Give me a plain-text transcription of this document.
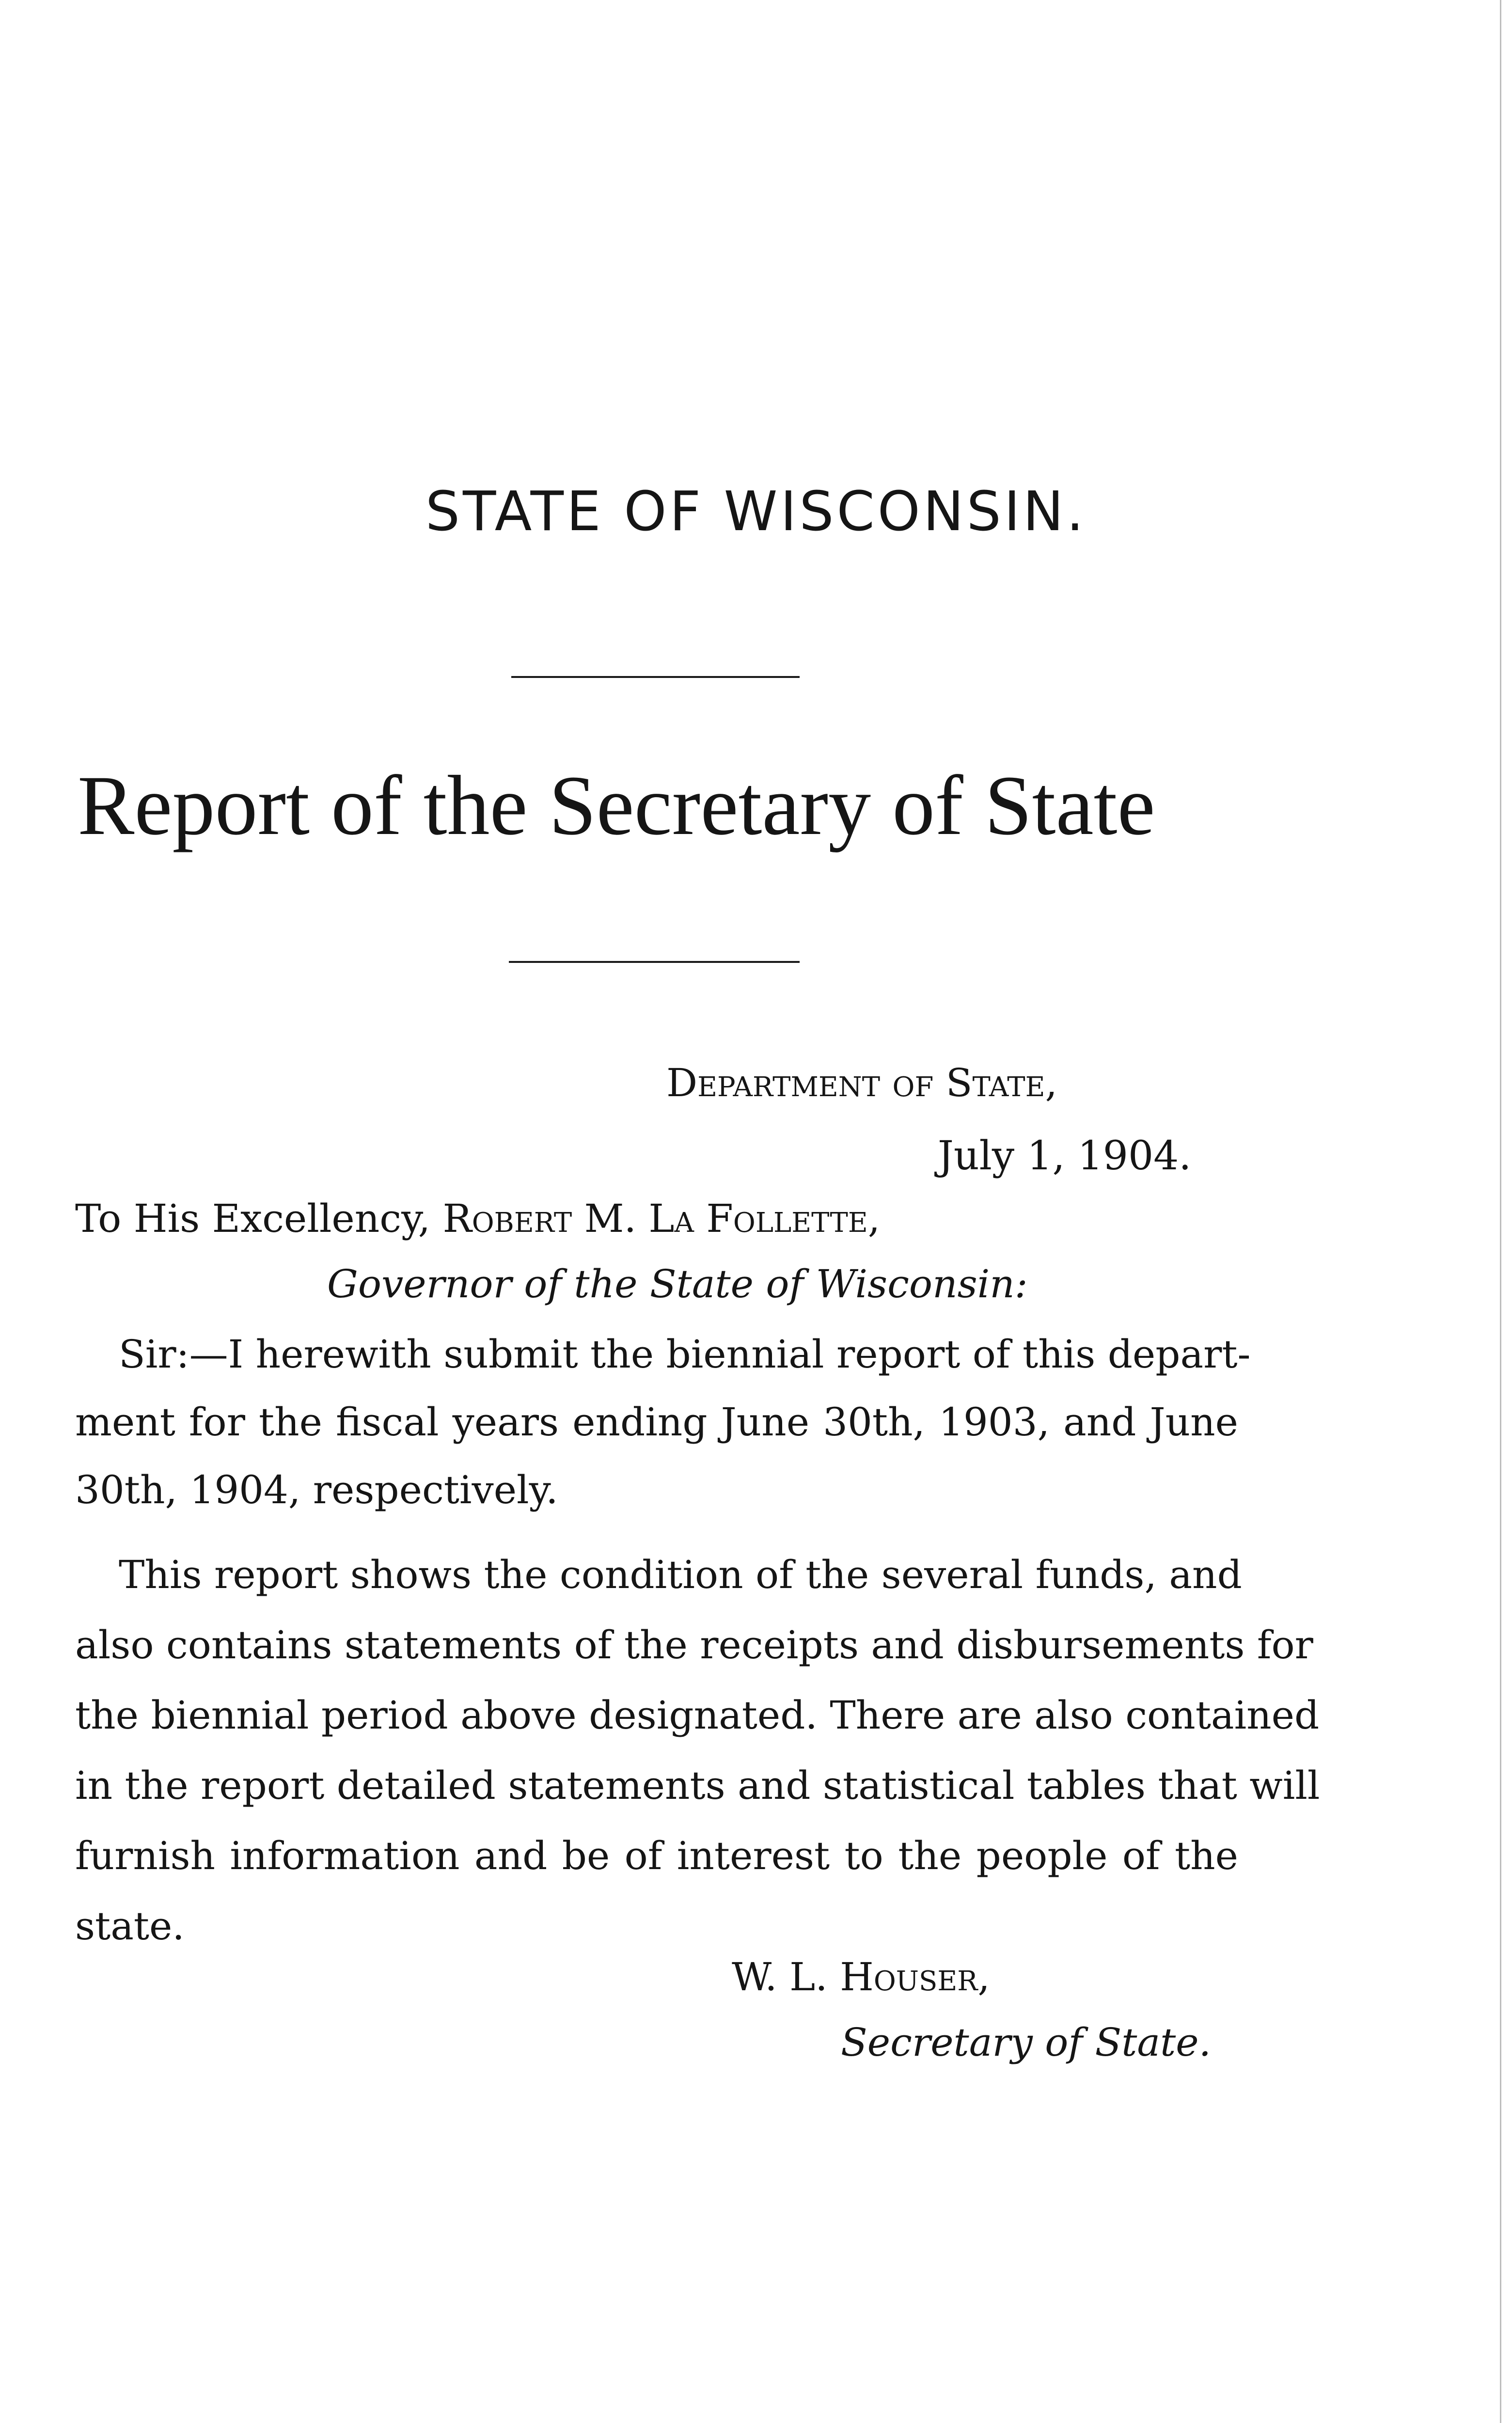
STATE OF WISCONSIN.
Report of the Secretary of State
Department of State,
July 1, 1904.
To His Excellency, Robert M. La Follette,
Governor of the State of Wisconsin:
Sir:—I herewith submit the biennial report of this depart-
ment for the fiscal years ending June 30th, 1903, and June
30th, 1904, respectively.
This report shows the condition of the several funds, and
also contains statements of the receipts and disbursements for
the biennial period above designated. There are also contained
in the report detailed statements and statistical tables that will
furnish information and be of interest to the people of the
state.
W. L. Houser,
Secretary of State.
